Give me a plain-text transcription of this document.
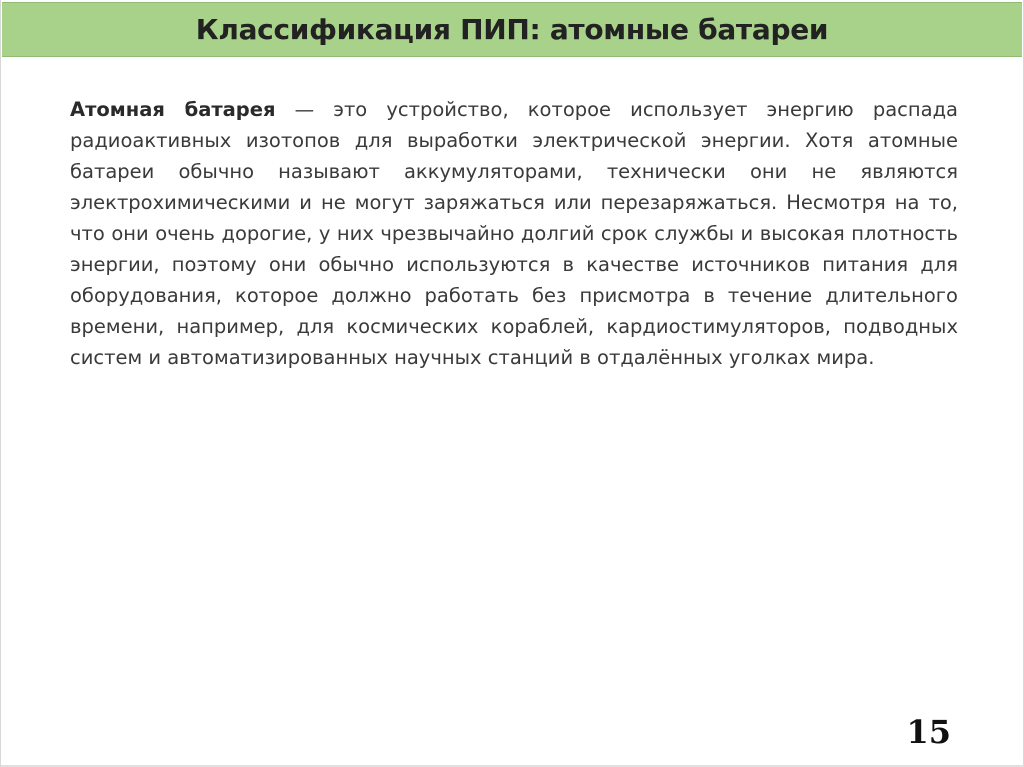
Классификация ПИП: атомные батареи

Атомная батарея — это устройство, которое использует энергию распада радиоактивных изотопов для выработки электрической энергии. Хотя атомные батареи обычно называют аккумуляторами, технически они не являются электрохимическими и не могут заряжаться или перезаряжаться. Несмотря на то, что они очень дорогие, у них чрезвычайно долгий срок службы и высокая плотность энергии, поэтому они обычно используются в качестве источников питания для оборудования, которое должно работать без присмотра в течение длительного времени, например, для космических кораблей, кардиостимуляторов, подводных систем и автоматизированных научных станций в отдалённых уголках мира.

15
